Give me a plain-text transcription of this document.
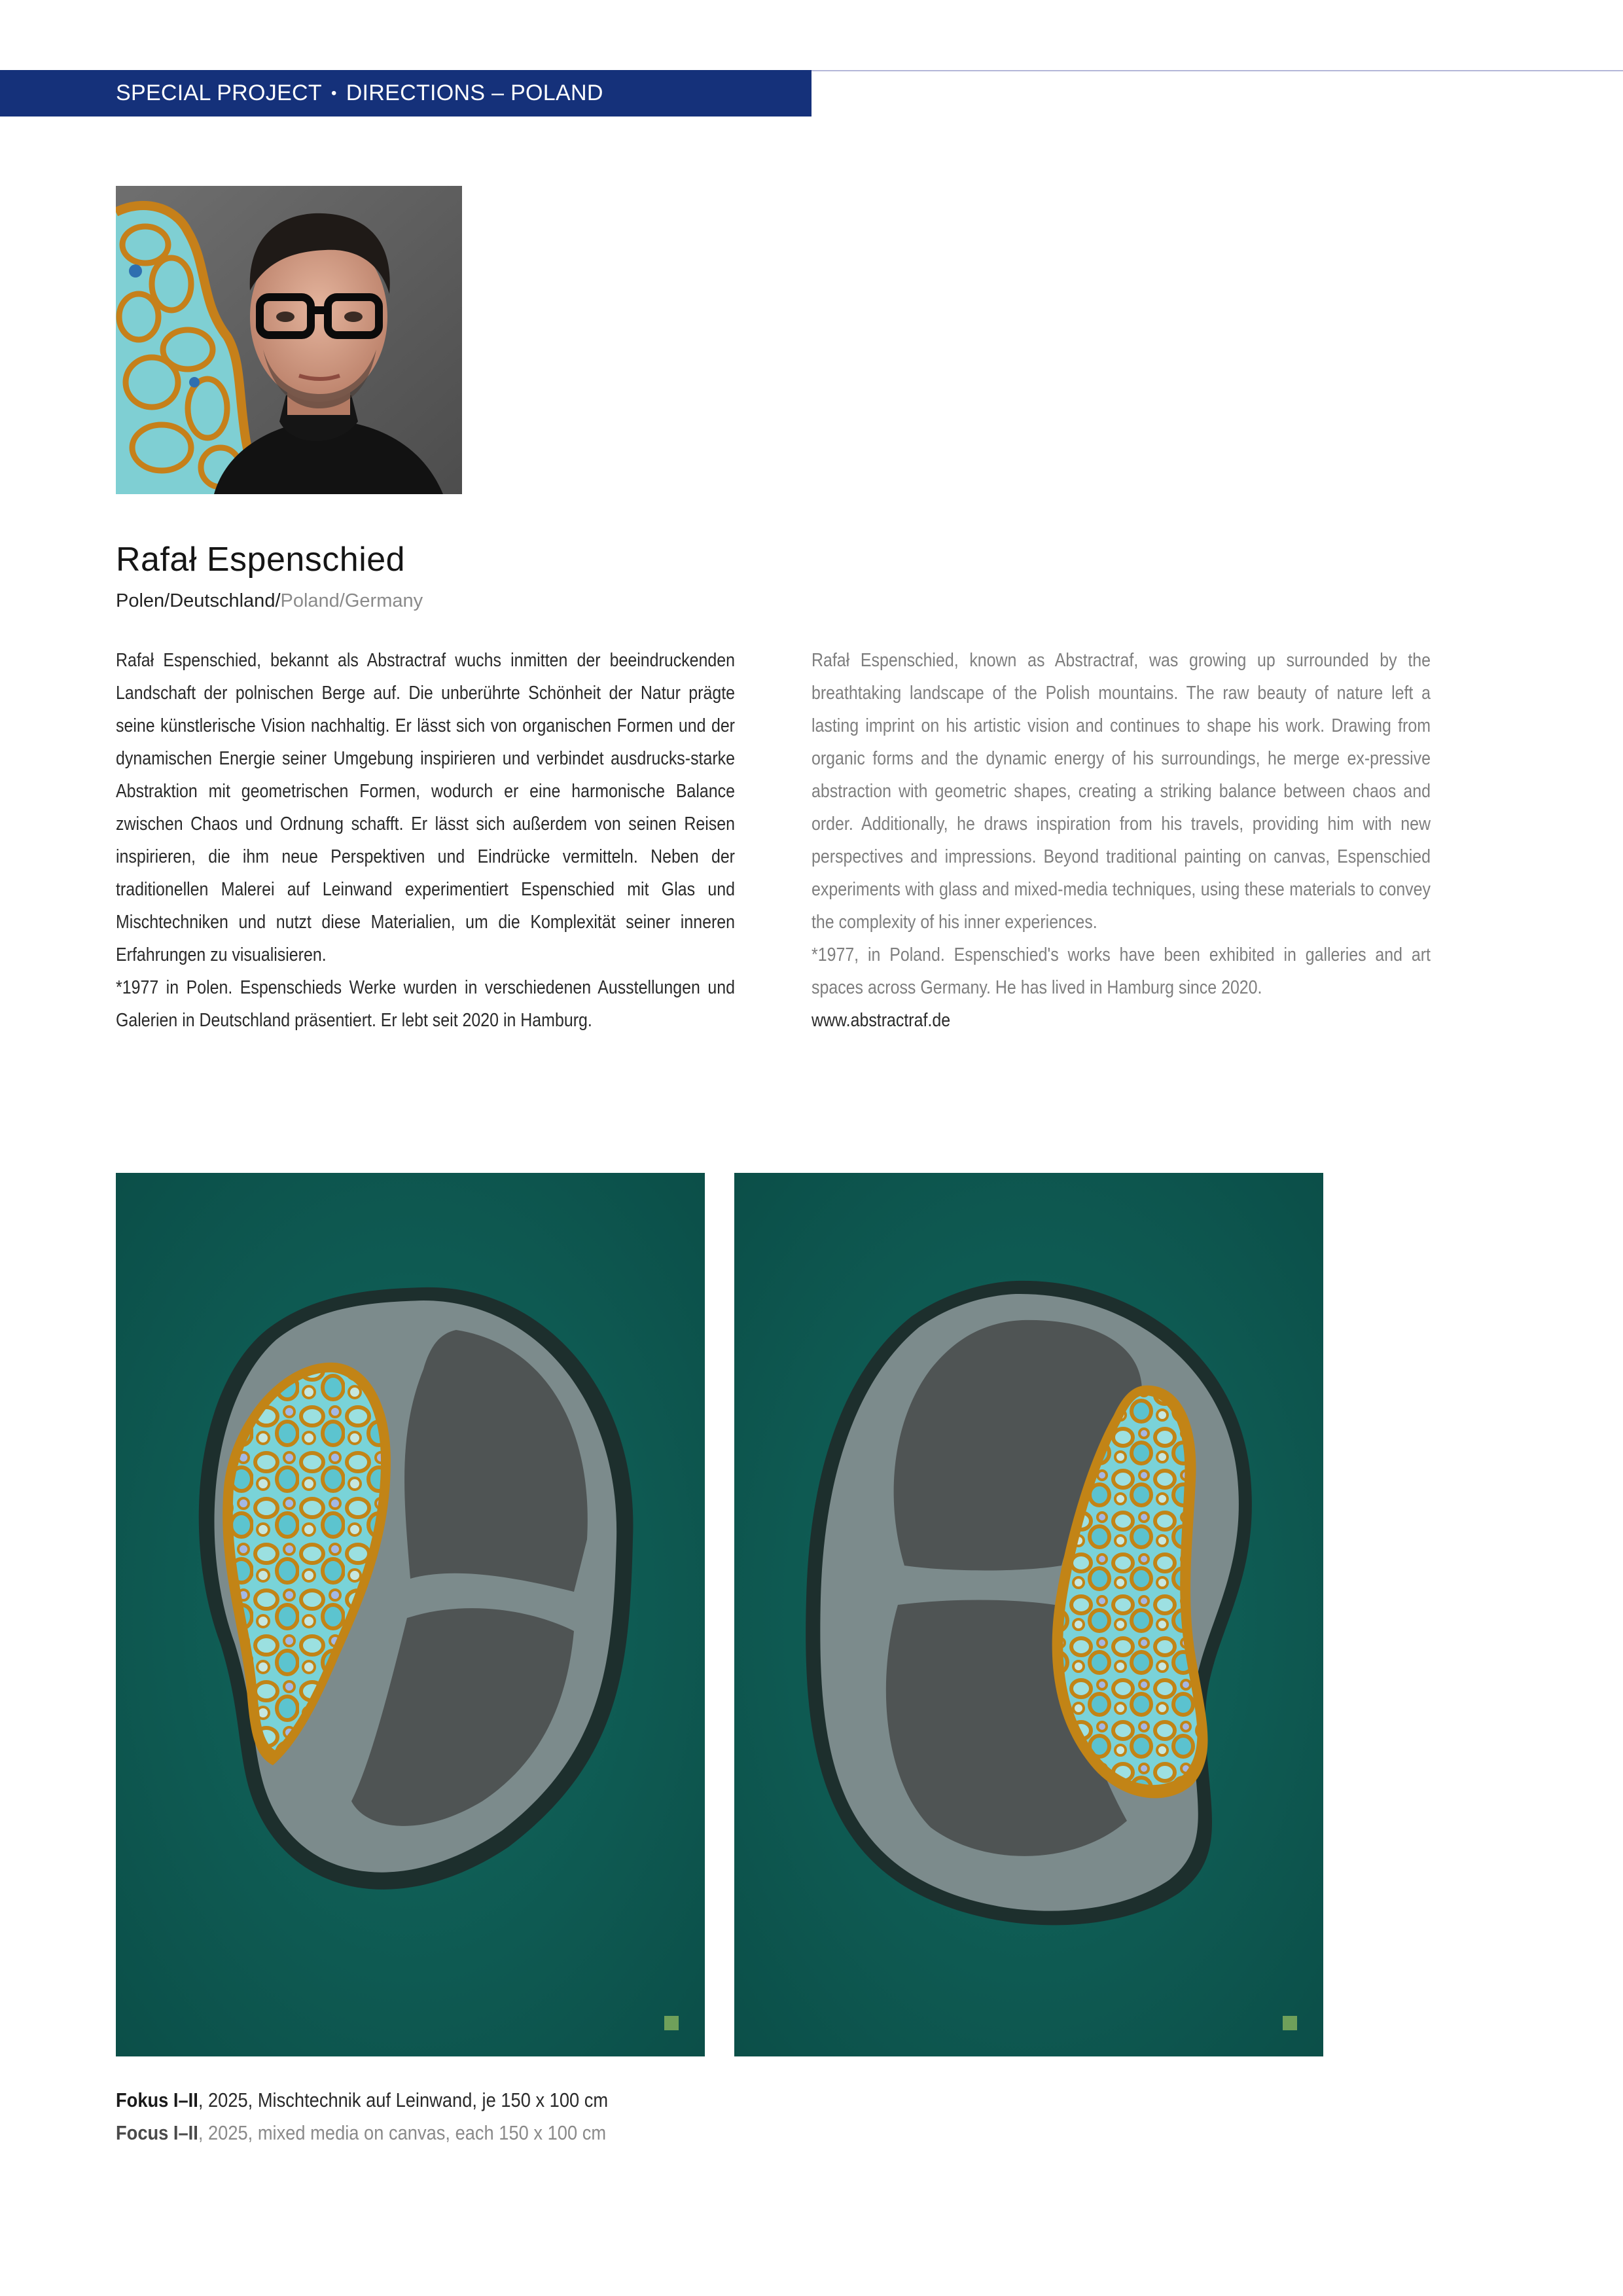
SPECIAL PROJECT • DIRECTIONS – POLAND
Rafał Espenschied
Polen/Deutschland/Poland/Germany

Rafał Espenschied, bekannt als Abstractraf wuchs inmitten der beeindruckenden Landschaft der polnischen Berge auf. Die unberührte Schönheit der Natur prägte seine künstlerische Vision nachhaltig. Er lässt sich von organischen Formen und der dynamischen Energie seiner Umgebung inspirieren und verbindet ausdrucks-starke Abstraktion mit geometrischen Formen, wodurch er eine harmonische Balance zwischen Chaos und Ordnung schafft. Er lässt sich außerdem von seinen Reisen inspirieren, die ihm neue Perspektiven und Eindrücke vermitteln. Neben der traditionellen Malerei auf Leinwand experimentiert Espenschied mit Glas und Mischtechniken und nutzt diese Materialien, um die Komplexität seiner inneren Erfahrungen zu visualisieren.

*1977 in Polen. Espenschieds Werke wurden in verschiedenen Ausstellungen und Galerien in Deutschland präsentiert. Er lebt seit 2020 in Hamburg.

Rafał Espenschied, known as Abstractraf, was growing up surrounded by the breathtaking landscape of the Polish mountains. The raw beauty of nature left a lasting imprint on his artistic vision and continues to shape his work. Drawing from organic forms and the dynamic energy of his surroundings, he merge ex-pressive abstraction with geometric shapes, creating a striking balance between chaos and order. Additionally, he draws inspiration from his travels, providing him with new perspectives and impressions. Beyond traditional painting on canvas, Espenschied experiments with glass and mixed-media techniques, using these materials to convey the complexity of his inner experiences.

*1977, in Poland. Espenschied's works have been exhibited in galleries and art spaces across Germany. He has lived in Hamburg since 2020.

www.abstractraf.de

Fokus I–II, 2025, Mischtechnik auf Leinwand, je 150 x 100 cm
Focus I–II, 2025, mixed media on canvas, each 150 x 100 cm
